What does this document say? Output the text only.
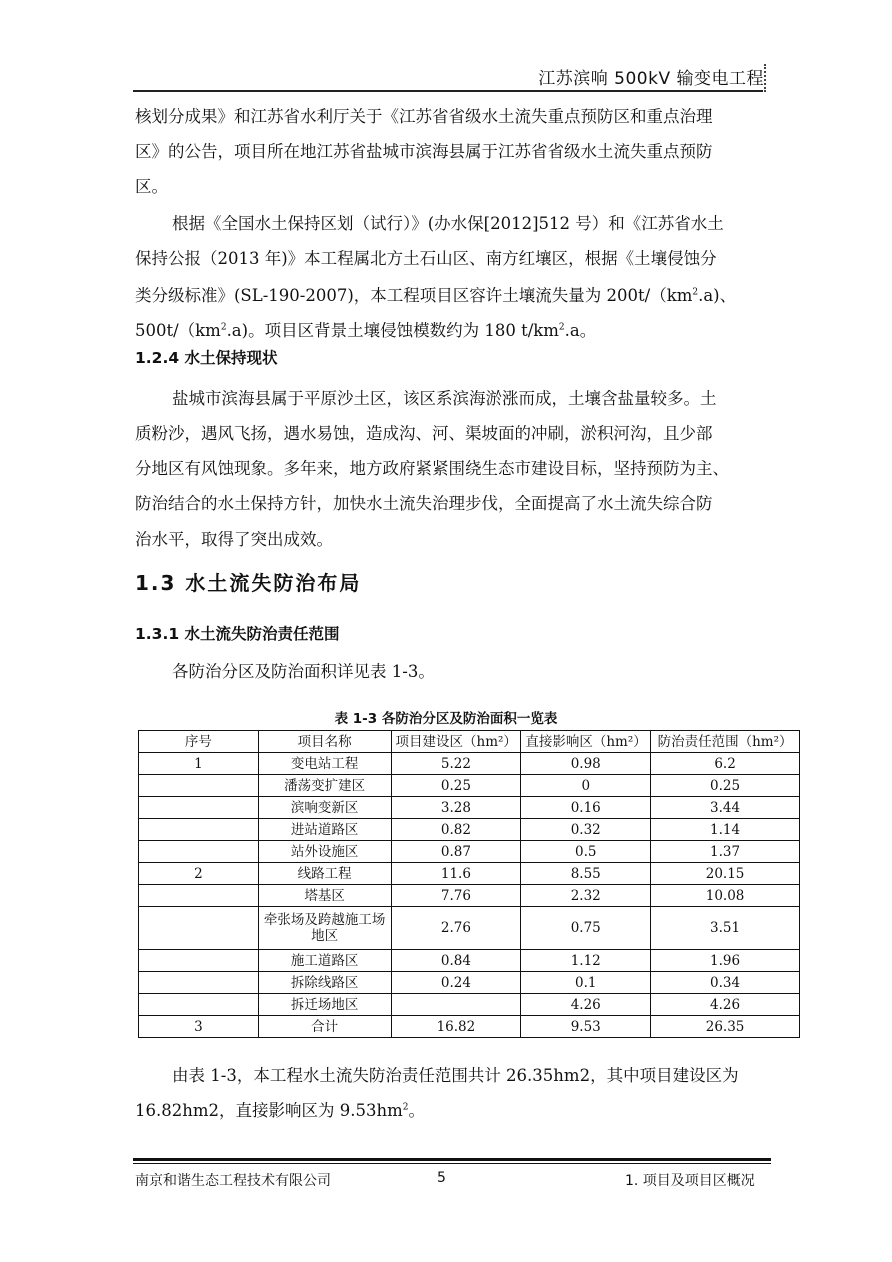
江苏滨响 500kV 输变电工程
核划分成果》和江苏省水利厅关于《江苏省省级水土流失重点预防区和重点治理
区》的公告，项目所在地江苏省盐城市滨海县属于江苏省省级水土流失重点预防
区。
根据《全国水土保持区划（试行）》(办水保[2012]512 号）和《江苏省水土
保持公报（2013 年)》本工程属北方土石山区、南方红壤区，根据《土壤侵蚀分
类分级标准》(SL-190-2007)，本工程项目区容许土壤流失量为 $200t/(km^2.a)$、
$500t/(km^2.a)$。项目区背景土壤侵蚀模数约为 180 $t/km^2.a$。
1.2.4 水土保持现状
盐城市滨海县属于平原沙土区，该区系滨海淤涨而成，土壤含盐量较多。土
质粉沙，遇风飞扬，遇水易蚀，造成沟、河、渠坡面的冲刷，淤积河沟，且少部
分地区有风蚀现象。多年来，地方政府紧紧围绕生态市建设目标，坚持预防为主、
防治结合的水土保持方针，加快水土流失治理步伐，全面提高了水土流失综合防
治水平，取得了突出成效。
1.3 水土流失防治布局
1.3.1 水土流失防治责任范围
各防治分区及防治面积详见表 1-3。
表 1-3 各防治分区及防治面积一览表
序号	项目名称	项目建设区（hm²）	直接影响区（hm²）	防治责任范围（hm²）
1	变电站工程	5.22	0.98	6.2
	潘荡变扩建区	0.25	0	0.25
	滨响变新区	3.28	0.16	3.44
	进站道路区	0.82	0.32	1.14
	站外设施区	0.87	0.5	1.37
2	线路工程	11.6	8.55	20.15
	塔基区	7.76	2.32	10.08
	牵张场及跨越施工场地区	2.76	0.75	3.51
	施工道路区	0.84	1.12	1.96
	拆除线路区	0.24	0.1	0.34
	拆迁场地区		4.26	4.26
3	合计	16.82	9.53	26.35
由表 1-3，本工程水土流失防治责任范围共计 26.35hm2，其中项目建设区为
16.82hm2，直接影响区为 $9.53hm^2$。
南京和谐生态工程技术有限公司	5	1. 项目及项目区概况
